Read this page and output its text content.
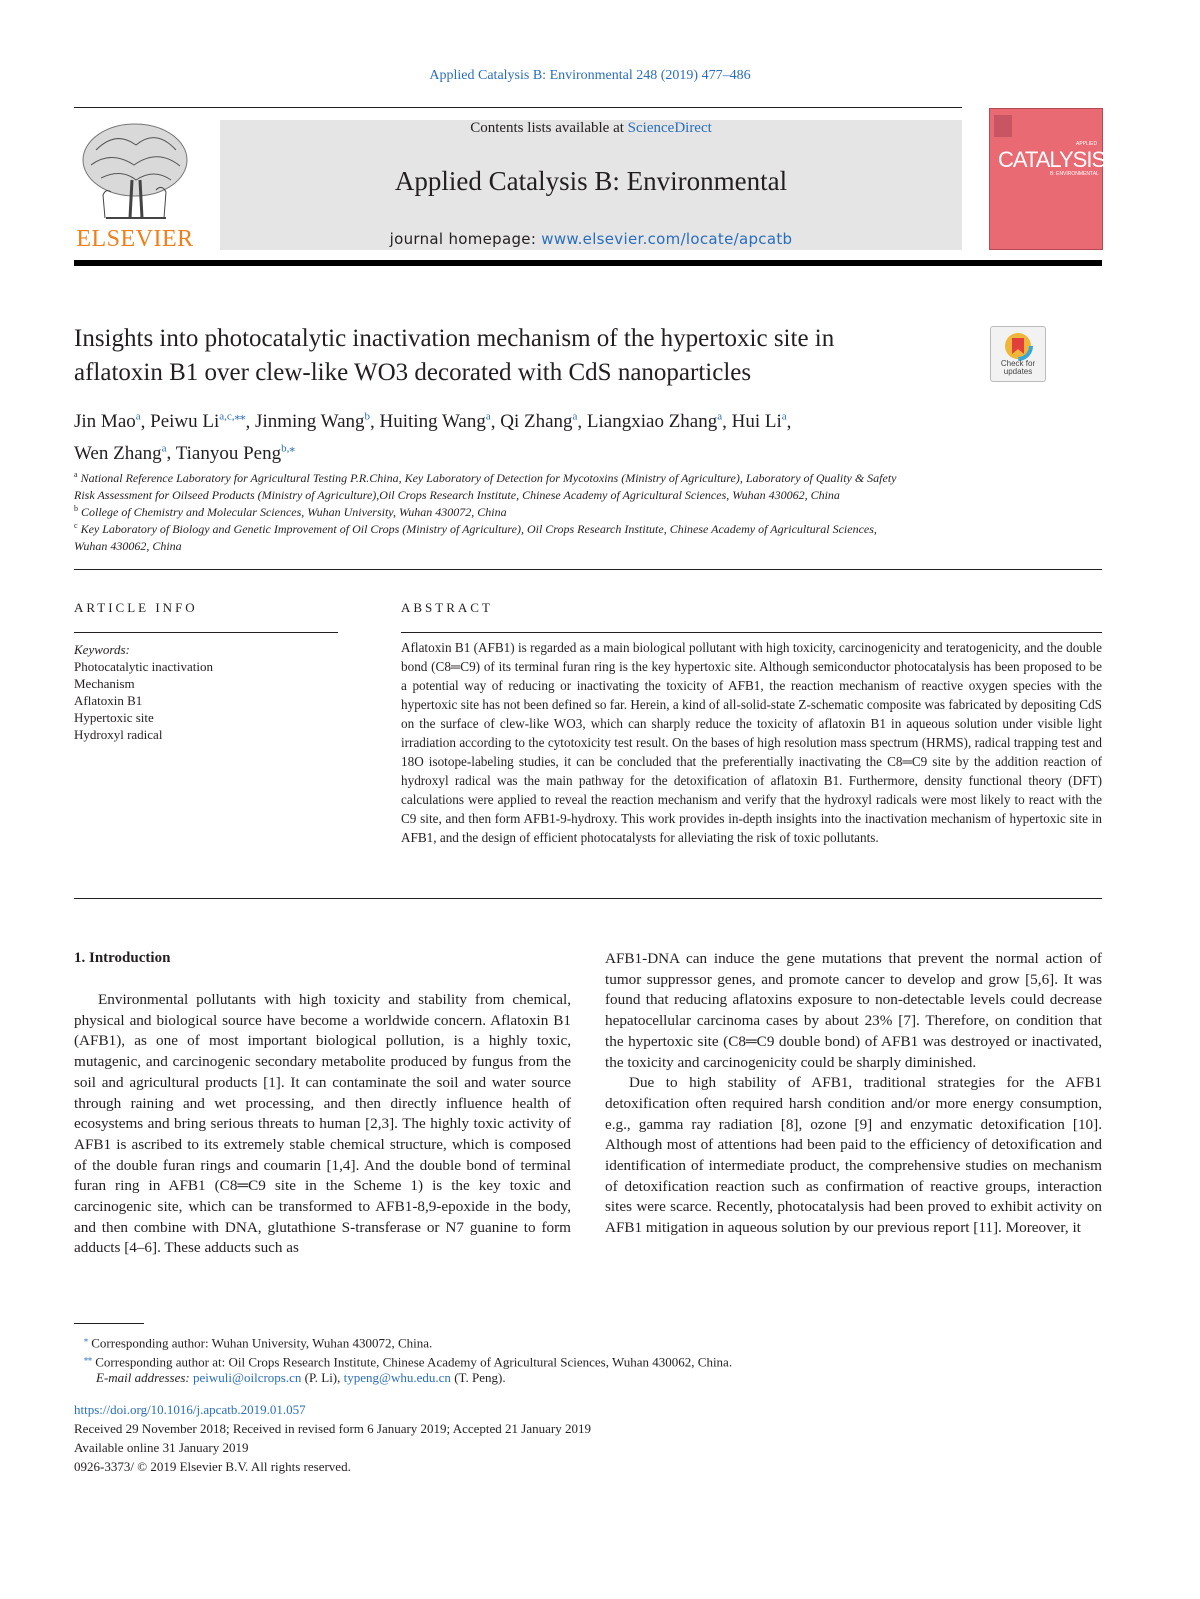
Applied Catalysis B: Environmental 248 (2019) 477–486
ELSEVIER
Contents lists available at ScienceDirect
Applied Catalysis B: Environmental
journal homepage: www.elsevier.com/locate/apcatb
APPLIED
CATALYSIS
B: ENVIRONMENTAL
Insights into photocatalytic inactivation mechanism of the hypertoxic site in
aflatoxin B1 over clew-like WO3 decorated with CdS nanoparticles	Check for updates
Jin Mao$^a$, Peiwu $Li^{a,c,⁎⁎}$, Jinming Wang$^b$, Huiting Wang$^a$, Qi Zhang$^a$, Liangxiao Zhang$^a$, Hui Li$^a$,
Wen Zhang$^a$, Tianyou Peng$^{b,⁎}$
$^a$ National Reference Laboratory for Agricultural Testing P.R.China, Key Laboratory of Detection for Mycotoxins (Ministry of Agriculture), Laboratory of Quality & Safety
Risk Assessment for Oilseed Products (Ministry of Agriculture),Oil Crops Research Institute, Chinese Academy of Agricultural Sciences, Wuhan 430062, China
$^b$ College of Chemistry and Molecular Sciences, Wuhan University, Wuhan 430072, China
$^c$ Key Laboratory of Biology and Genetic Improvement of Oil Crops (Ministry of Agriculture), Oil Crops Research Institute, Chinese Academy of Agricultural Sciences,
Wuhan 430062, China
ARTICLE INFO
Keywords:
Photocatalytic inactivation
Mechanism
Aflatoxin B1
Hypertoxic site
Hydroxyl radical
ABSTRACT
Aflatoxin B1 (AFB1) is regarded as a main biological pollutant with high toxicity, carcinogenicity and teratogenicity, and the double bond (C8═C9) of its terminal furan ring is the key hypertoxic site. Although semiconductor photocatalysis has been proposed to be a potential way of reducing or inactivating the toxicity of AFB1, the reaction mechanism of reactive oxygen species with the hypertoxic site has not been defined so far. Herein, a kind of all-solid-state Z-schematic composite was fabricated by depositing CdS on the surface of clew-like WO3, which can sharply reduce the toxicity of aflatoxin B1 in aqueous solution under visible light irradiation according to the cytotoxicity test result. On the bases of high resolution mass spectrum (HRMS), radical trapping test and 18O isotope-labeling studies, it can be concluded that the preferentially inactivating the C8═C9 site by the addition reaction of hydroxyl radical was the main pathway for the detoxification of aflatoxin B1. Furthermore, density functional theory (DFT) calculations were applied to reveal the reaction mechanism and verify that the hydroxyl radicals were most likely to react with the C9 site, and then form AFB1-9-hydroxy. This work provides in-depth insights into the inactivation mechanism of hypertoxic site in AFB1, and the design of efficient photocatalysts for alleviating the risk of toxic pollutants.
1. Introduction

Environmental pollutants with high toxicity and stability from chemical, physical and biological source have become a worldwide concern. Aflatoxin B1 (AFB1), as one of most important biological pollution, is a highly toxic, mutagenic, and carcinogenic secondary metabolite produced by fungus from the soil and agricultural products [1]. It can contaminate the soil and water source through raining and wet processing, and then directly influence health of ecosystems and bring serious threats to human [2,3]. The highly toxic activity of AFB1 is ascribed to its extremely stable chemical structure, which is composed of the double furan rings and coumarin [1,4]. And the double bond of terminal furan ring in AFB1 (C8═C9 site in the Scheme 1) is the key toxic and carcinogenic site, which can be transformed to AFB1-8,9-epoxide in the body, and then combine with DNA, glutathione S-transferase or N7 guanine to form adducts [4–6]. These adducts such as

AFB1-DNA can induce the gene mutations that prevent the normal action of tumor suppressor genes, and promote cancer to develop and grow [5,6]. It was found that reducing aflatoxins exposure to non-detectable levels could decrease hepatocellular carcinoma cases by about 23% [7]. Therefore, on condition that the hypertoxic site (C8═C9 double bond) of AFB1 was destroyed or inactivated, the toxicity and carcinogenicity could be sharply diminished.

Due to high stability of AFB1, traditional strategies for the AFB1 detoxification often required harsh condition and/or more energy consumption, e.g., gamma ray radiation [8], ozone [9] and enzymatic detoxification [10]. Although most of attentions had been paid to the efficiency of detoxification and identification of intermediate product, the comprehensive studies on mechanism of detoxification reaction such as confirmation of reactive groups, interaction sites were scarce. Recently, photocatalysis had been proved to exhibit activity on AFB1 mitigation in aqueous solution by our previous report [11]. Moreover, it

⁎ Corresponding author: Wuhan University, Wuhan 430072, China.
⁎⁎ Corresponding author at: Oil Crops Research Institute, Chinese Academy of Agricultural Sciences, Wuhan 430062, China.
E-mail addresses: peiwuli@oilcrops.cn (P. Li), typeng@whu.edu.cn (T. Peng).
https://doi.org/10.1016/j.apcatb.2019.01.057
Received 29 November 2018; Received in revised form 6 January 2019; Accepted 21 January 2019
Available online 31 January 2019
0926-3373/ © 2019 Elsevier B.V. All rights reserved.
